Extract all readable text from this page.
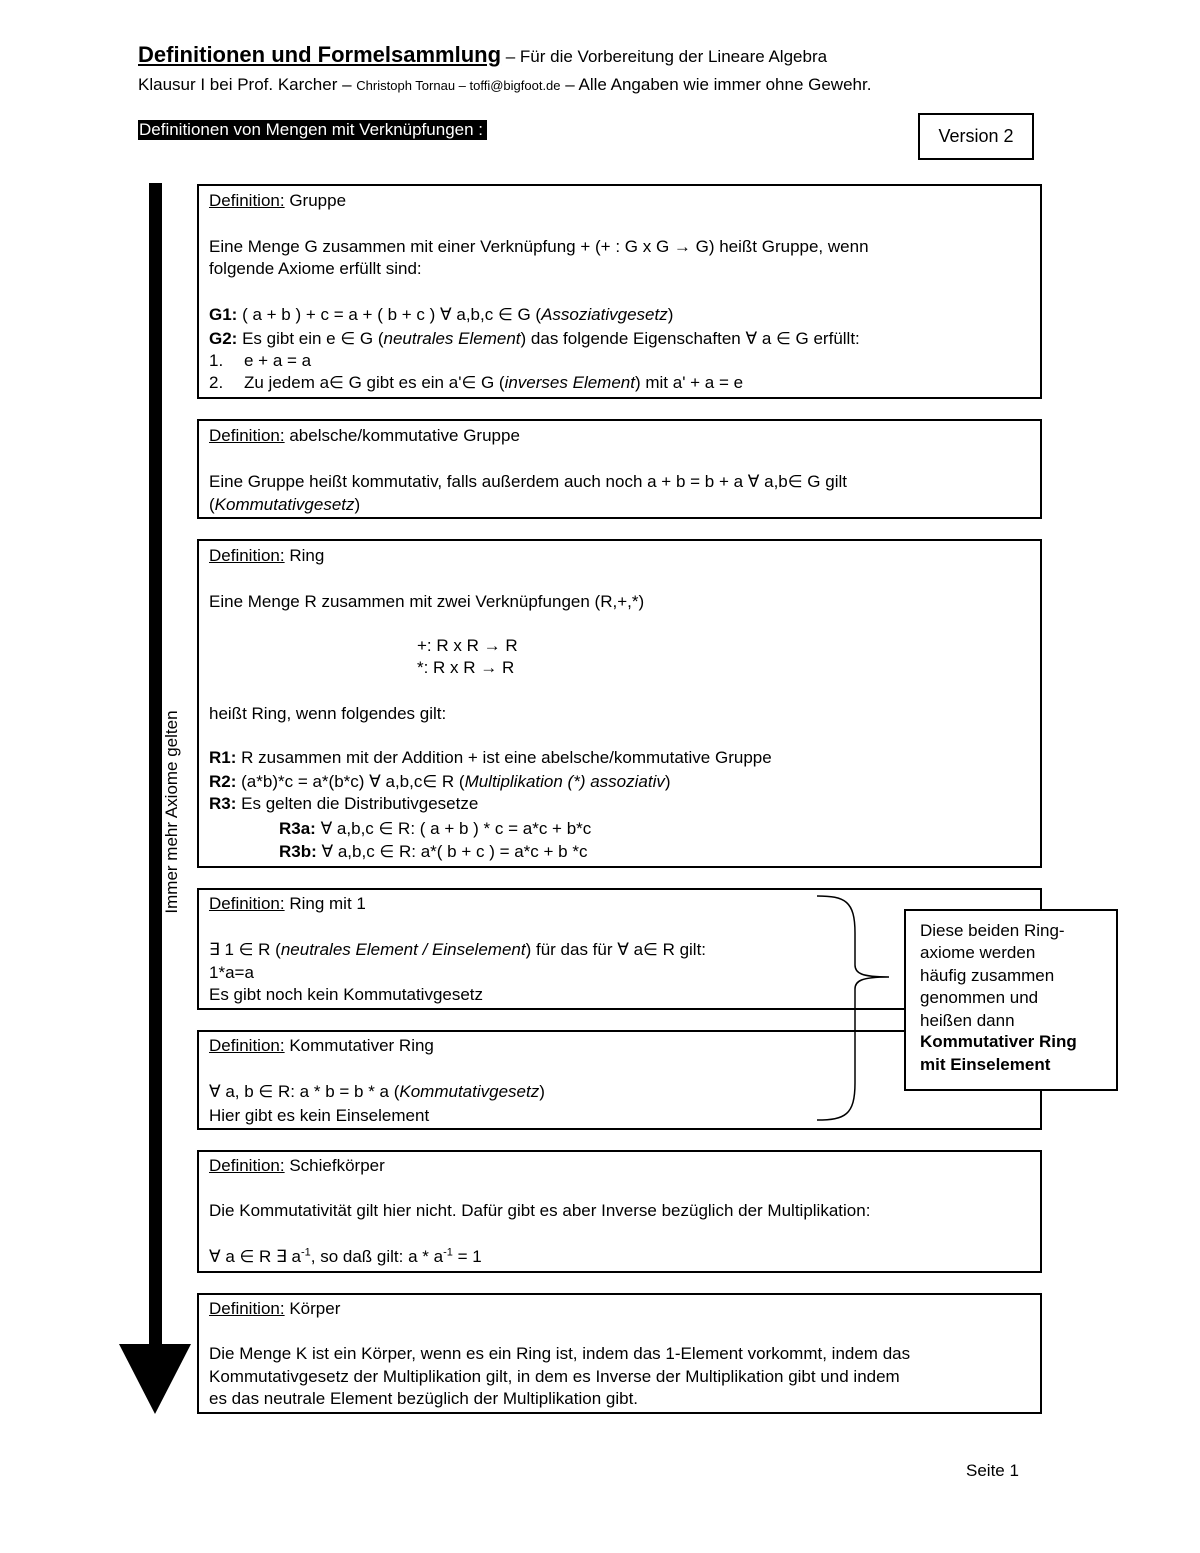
Definitionen und Formelsammlung – Für die Vorbereitung der Lineare Algebra
Klausur I bei Prof. Karcher – Christoph Tornau – toffi@bigfoot.de – Alle Angaben wie immer ohne Gewehr.
Definitionen von Mengen mit Verknüpfungen :	Version 2
Immer mehr Axiome gelten
Definition: Gruppe
Eine Menge G zusammen mit einer Verknüpfung + (+ : G x G → G) heißt Gruppe, wenn
folgende Axiome erfüllt sind:
G1: ( a + b ) + c = a + ( b + c ) ∀ a,b,c ∈ G (Assoziativgesetz)
G2: Es gibt ein e ∈ G (neutrales Element) das folgende Eigenschaften ∀ a ∈ G erfüllt:
1. e + a = a
2. Zu jedem a∈ G gibt es ein a'∈ G (inverses Element) mit a' + a = e
Definition: abelsche/kommutative Gruppe
Eine Gruppe heißt kommutativ, falls außerdem auch noch a + b = b + a ∀ a,b∈ G gilt
(Kommutativgesetz)
Definition: Ring
Eine Menge R zusammen mit zwei Verknüpfungen (R,+,*)
+: R x R → R
*: R x R → R
heißt Ring, wenn folgendes gilt:
R1: R zusammen mit der Addition + ist eine abelsche/kommutative Gruppe
R2: (a*b)*c = a*(b*c) ∀ a,b,c∈ R (Multiplikation (*) assoziativ)
R3: Es gelten die Distributivgesetze
R3a: ∀ a,b,c ∈ R: ( a + b ) * c = a*c + b*c
R3b: ∀ a,b,c ∈ R: a*( b + c ) = a*c + b *c
Definition: Ring mit 1
∃ 1 ∈ R (neutrales Element / Einselement) für das für ∀ a∈ R gilt:
1*a=a
Es gibt noch kein Kommutativgesetz
Definition: Kommutativer Ring
∀ a, b ∈ R: a * b = b * a (Kommutativgesetz)
Hier gibt es kein Einselement
Definition: Schiefkörper
Die Kommutativität gilt hier nicht. Dafür gibt es aber Inverse bezüglich der Multiplikation:
∀ a ∈ R ∃ $a^{-1}$, so daß gilt: $a * a^{-1} = 1$
Definition: Körper
Die Menge K ist ein Körper, wenn es ein Ring ist, indem das 1-Element vorkommt, indem das
Kommutativgesetz der Multiplikation gilt, in dem es Inverse der Multiplikation gibt und indem
es das neutrale Element bezüglich der Multiplikation gibt.
Diese beiden Ring-
axiome werden
häufig zusammen
genommen und
heißen dann
Kommutativer Ring
mit Einselement
Seite 1
